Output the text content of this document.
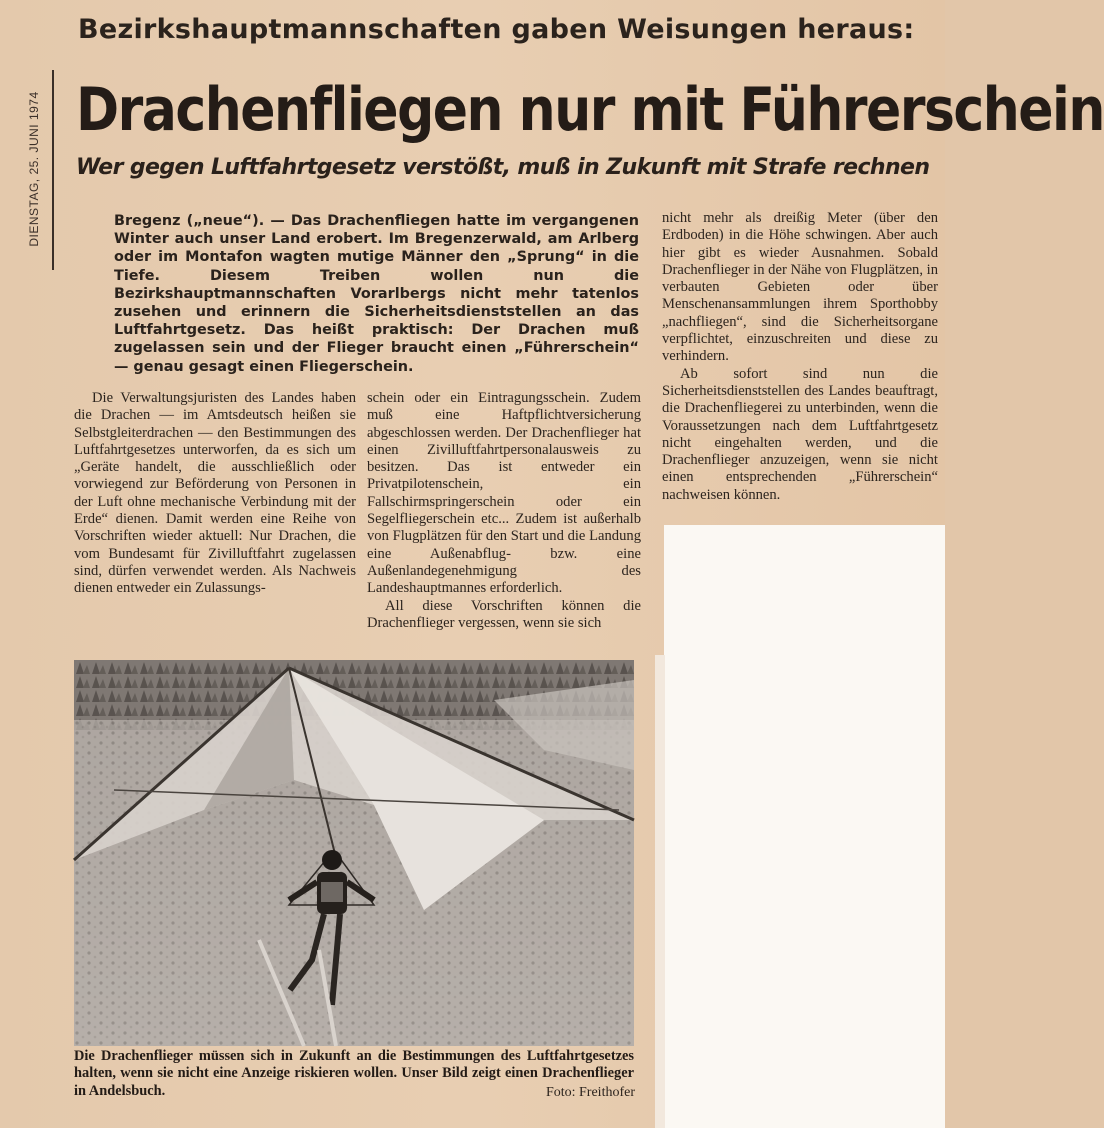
DIENSTAG, 25. JUNI 1974
Bezirkshauptmannschaften gaben Weisungen heraus:
Drachenfliegen nur mit Führerschein
Wer gegen Luftfahrtgesetz verstößt, muß in Zukunft mit Strafe rechnen
Bregenz („neue“). — Das Drachenfliegen hatte im vergangenen Winter auch unser Land erobert. Im Bregenzerwald, am Arlberg oder im Montafon wagten mutige Männer den „Sprung“ in die Tiefe. Diesem Treiben wollen nun die Bezirkshauptmannschaften Vorarlbergs nicht mehr tatenlos zusehen und erinnern die Sicherheitsdienststellen an das Luftfahrtgesetz. Das heißt praktisch: Der Drachen muß zugelassen sein und der Flieger braucht einen „Führerschein“ — genau gesagt einen Fliegerschein.

Die Verwaltungsjuristen des Landes haben die Drachen — im Amtsdeutsch heißen sie Selbstgleiterdrachen — den Bestimmungen des Luftfahrtgesetzes unterworfen, da es sich um „Geräte handelt, die ausschließlich oder vorwiegend zur Beförderung von Personen in der Luft ohne mechanische Verbindung mit der Erde“ dienen. Damit werden eine Reihe von Vorschriften wieder aktuell: Nur Drachen, die vom Bundesamt für Zivilluftfahrt zugelassen sind, dürfen verwendet werden. Als Nachweis dienen entweder ein Zulassungs-

schein oder ein Eintragungsschein. Zudem muß eine Haftpflichtversicherung abgeschlossen werden. Der Drachenflieger hat einen Zivilluftfahrtpersonalausweis zu besitzen. Das ist entweder ein Privatpilotenschein, ein Fallschirmspringerschein oder ein Segelfliegerschein etc... Zudem ist außerhalb von Flugplätzen für den Start und die Landung eine Außenabflug- bzw. eine Außenlandegenehmigung des Landeshauptmannes erforderlich.

All diese Vorschriften können die Drachenflieger vergessen, wenn sie sich

nicht mehr als dreißig Meter (über den Erdboden) in die Höhe schwingen. Aber auch hier gibt es wieder Ausnahmen. Sobald Drachenflieger in der Nähe von Flugplätzen, in verbauten Gebieten oder über Menschenansammlungen ihrem Sporthobby „nachfliegen“, sind die Sicherheitsorgane verpflichtet, einzuschreiten und diese zu verhindern.

Ab sofort sind nun die Sicherheitsdienststellen des Landes beauftragt, die Drachenfliegerei zu unterbinden, wenn die Voraussetzungen nach dem Luftfahrtgesetz nicht eingehalten werden, und die Drachenflieger anzuzeigen, wenn sie nicht einen entsprechenden „Führerschein“ nachweisen können.

Die Drachenflieger müssen sich in Zukunft an die Bestimmungen des Luftfahrtgesetzes halten, wenn sie nicht eine Anzeige riskieren wollen. Unser Bild zeigt einen Drachenflieger in Andelsbuch.	Foto: Freithofer
